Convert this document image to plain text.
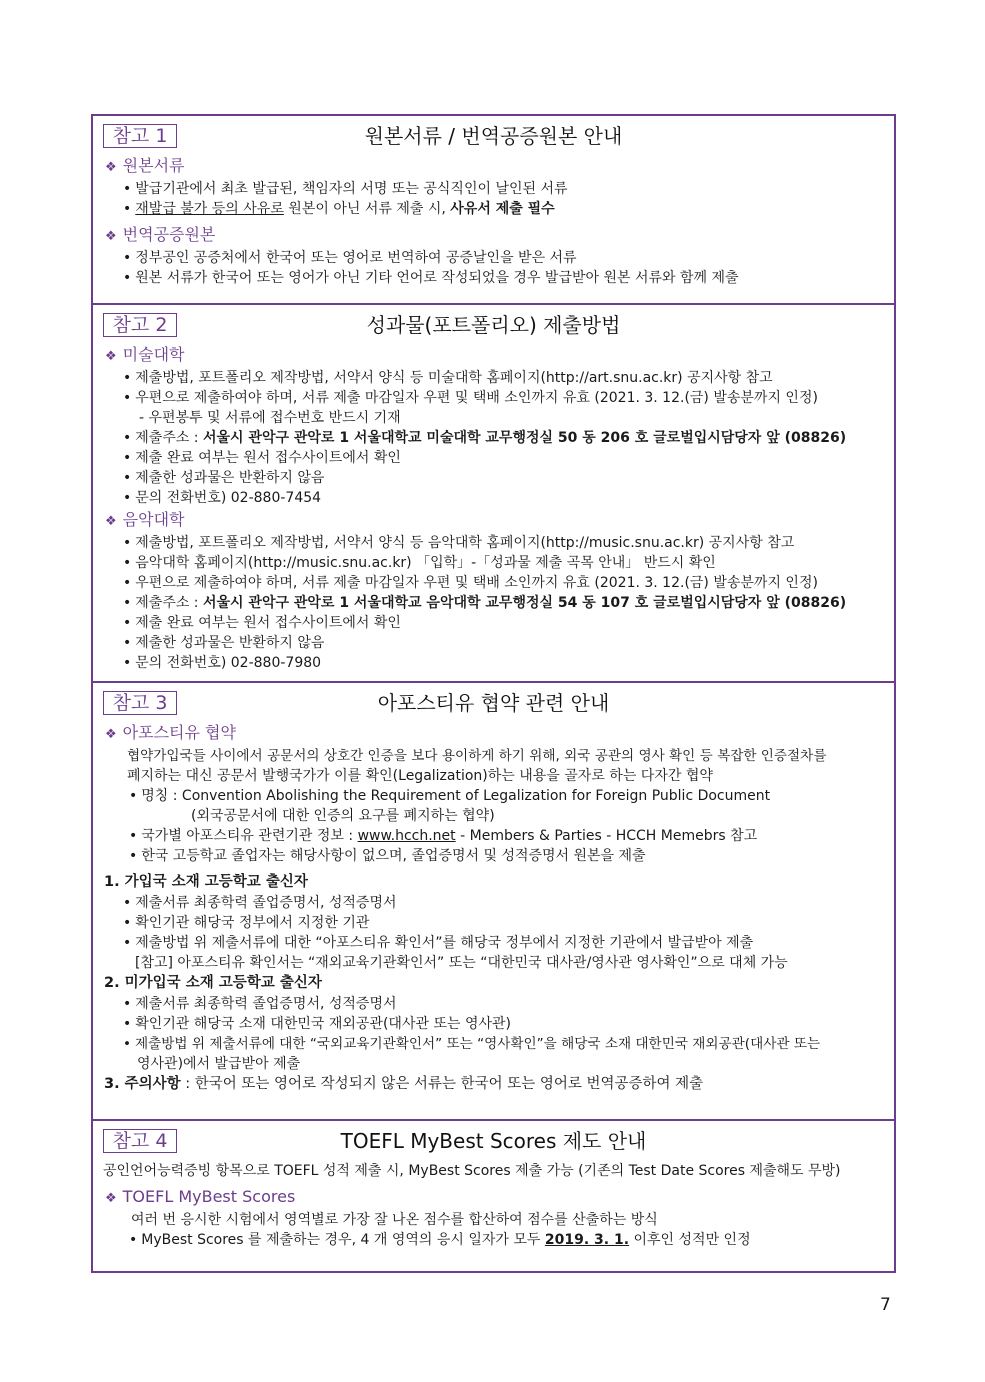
참고 1	원본서류 / 번역공증원본 안내
❖ 원본서류
• 발급기관에서 최초 발급된, 책임자의 서명 또는 공식직인이 날인된 서류
• 재발급 불가 등의 사유로 원본이 아닌 서류 제출 시, 사유서 제출 필수
❖ 번역공증원본
• 정부공인 공증처에서 한국어 또는 영어로 번역하여 공증날인을 받은 서류
• 원본 서류가 한국어 또는 영어가 아닌 기타 언어로 작성되었을 경우 발급받아 원본 서류와 함께 제출
참고 2	성과물(포트폴리오) 제출방법
❖ 미술대학
• 제출방법, 포트폴리오 제작방법, 서약서 양식 등 미술대학 홈페이지(http://art.snu.ac.kr) 공지사항 참고
• 우편으로 제출하여야 하며, 서류 제출 마감일자 우편 및 택배 소인까지 유효 (2021. 3. 12.(금) 발송분까지 인정)
- 우편봉투 및 서류에 접수번호 반드시 기재
• 제출주소 : 서울시 관악구 관악로 1 서울대학교 미술대학 교무행정실 50 동 206 호 글로벌입시담당자 앞 (08826)
• 제출 완료 여부는 원서 접수사이트에서 확인
• 제출한 성과물은 반환하지 않음
• 문의 전화번호) 02-880-7454
❖ 음악대학
• 제출방법, 포트폴리오 제작방법, 서약서 양식 등 음악대학 홈페이지(http://music.snu.ac.kr) 공지사항 참고
• 음악대학 홈페이지(http://music.snu.ac.kr) 「입학」-「성과물 제출 곡목 안내」 반드시 확인
• 우편으로 제출하여야 하며, 서류 제출 마감일자 우편 및 택배 소인까지 유효 (2021. 3. 12.(금) 발송분까지 인정)
• 제출주소 : 서울시 관악구 관악로 1 서울대학교 음악대학 교무행정실 54 동 107 호 글로벌입시담당자 앞 (08826)
• 제출 완료 여부는 원서 접수사이트에서 확인
• 제출한 성과물은 반환하지 않음
• 문의 전화번호) 02-880-7980
참고 3	아포스티유 협약 관련 안내
❖ 아포스티유 협약
협약가입국들 사이에서 공문서의 상호간 인증을 보다 용이하게 하기 위해, 외국 공관의 영사 확인 등 복잡한 인증절차를
폐지하는 대신 공문서 발행국가가 이를 확인(Legalization)하는 내용을 골자로 하는 다자간 협약
• 명칭 : Convention Abolishing the Requirement of Legalization for Foreign Public Document
(외국공문서에 대한 인증의 요구를 폐지하는 협약)
• 국가별 아포스티유 관련기관 정보 : www.hcch.net - Members & Parties - HCCH Memebrs 참고
• 한국 고등학교 졸업자는 해당사항이 없으며, 졸업증명서 및 성적증명서 원본을 제출
1. 가입국 소재 고등학교 출신자
• 제출서류 최종학력 졸업증명서, 성적증명서
• 확인기관 해당국 정부에서 지정한 기관
• 제출방법 위 제출서류에 대한 “아포스티유 확인서”를 해당국 정부에서 지정한 기관에서 발급받아 제출
[참고] 아포스티유 확인서는 “재외교육기관확인서” 또는 “대한민국 대사관/영사관 영사확인”으로 대체 가능
2. 미가입국 소재 고등학교 출신자
• 제출서류 최종학력 졸업증명서, 성적증명서
• 확인기관 해당국 소재 대한민국 재외공관(대사관 또는 영사관)
• 제출방법 위 제출서류에 대한 “국외교육기관확인서” 또는 “영사확인”을 해당국 소재 대한민국 재외공관(대사관 또는
영사관)에서 발급받아 제출
3. 주의사항 : 한국어 또는 영어로 작성되지 않은 서류는 한국어 또는 영어로 번역공증하여 제출
참고 4	TOEFL MyBest Scores 제도 안내
공인언어능력증빙 항목으로 TOEFL 성적 제출 시, MyBest Scores 제출 가능 (기존의 Test Date Scores 제출해도 무방)
❖ TOEFL MyBest Scores
여러 번 응시한 시험에서 영역별로 가장 잘 나온 점수를 합산하여 점수를 산출하는 방식
• MyBest Scores 를 제출하는 경우, 4 개 영역의 응시 일자가 모두 2019. 3. 1. 이후인 성적만 인정
7
